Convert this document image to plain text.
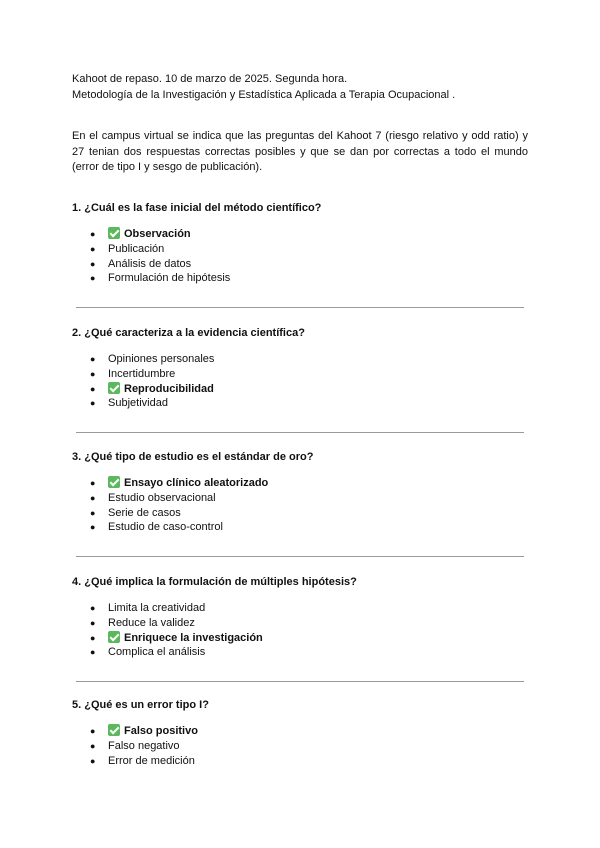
Kahoot de repaso. 10 de marzo de 2025. Segunda hora.
Metodología de la Investigación y Estadística Aplicada a Terapia Ocupacional .
En el campus virtual se indica que las preguntas del Kahoot 7 (riesgo relativo y odd ratio) y 27 tenian dos respuestas correctas posibles y que se dan por correctas a todo el mundo (error de tipo I y sesgo de publicación).

1. ¿Cuál es la fase inicial del método científico?

●	Observación
● Publicación
● Análisis de datos
● Formulación de hipótesis

2. ¿Qué caracteriza a la evidencia científica?

● Opiniones personales
● Incertidumbre
●	Reproducibilidad
● Subjetividad

3. ¿Qué tipo de estudio es el estándar de oro?

●	Ensayo clínico aleatorizado
● Estudio observacional
● Serie de casos
● Estudio de caso-control

4. ¿Qué implica la formulación de múltiples hipótesis?

● Limita la creatividad
● Reduce la validez
●	Enriquece la investigación
● Complica el análisis

5. ¿Qué es un error tipo I?

●	Falso positivo
● Falso negativo
● Error de medición
